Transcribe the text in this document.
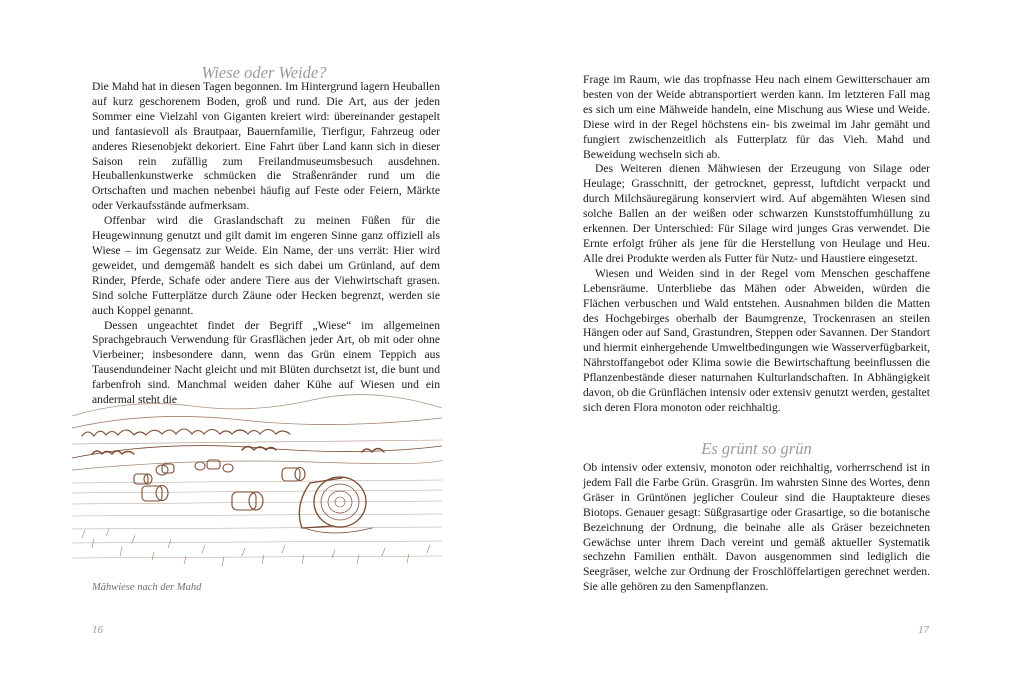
Wiese oder Weide?

Die Mahd hat in diesen Tagen begonnen. Im Hintergrund lagern Heuballen auf kurz geschorenem Boden, groß und rund. Die Art, aus der jeden Sommer eine Vielzahl von Giganten kreiert wird: übereinander gestapelt und fantasievoll als Brautpaar, Bauernfamilie, Tierfigur, Fahrzeug oder anderes Riesenobjekt dekoriert. Eine Fahrt über Land kann sich in dieser Saison rein zufällig zum Freilandmuseumsbesuch ausdehnen. Heuballenkunstwerke schmücken die Straßenränder rund um die Ortschaften und machen nebenbei häufig auf Feste oder Feiern, Märkte oder Verkaufsstände aufmerksam.

Offenbar wird die Graslandschaft zu meinen Füßen für die Heugewinnung genutzt und gilt damit im engeren Sinne ganz offiziell als Wiese – im Gegensatz zur Weide. Ein Name, der uns verrät: Hier wird geweidet, und demgemäß handelt es sich dabei um Grünland, auf dem Rinder, Pferde, Schafe oder andere Tiere aus der Viehwirtschaft grasen. Sind solche Futterplätze durch Zäune oder Hecken begrenzt, werden sie auch Koppel genannt.

Dessen ungeachtet findet der Begriff „Wiese“ im allgemeinen Sprachgebrauch Verwendung für Grasflächen jeder Art, ob mit oder ohne Vierbeiner; insbesondere dann, wenn das Grün einem Teppich aus Tausendundeiner Nacht gleicht und mit Blüten durchsetzt ist, die bunt und farbenfroh sind. Manchmal weiden daher Kühe auf Wiesen und ein andermal steht die

Mähwiese nach der Mahd

16

Frage im Raum, wie das tropfnasse Heu nach einem Gewitterschauer am besten von der Weide abtransportiert werden kann. Im letzteren Fall mag es sich um eine Mähweide handeln, eine Mischung aus Wiese und Weide. Diese wird in der Regel höchstens ein- bis zweimal im Jahr gemäht und fungiert zwischenzeitlich als Futterplatz für das Vieh. Mahd und Beweidung wechseln sich ab.

Des Weiteren dienen Mähwiesen der Erzeugung von Silage oder Heulage; Grasschnitt, der getrocknet, gepresst, luftdicht verpackt und durch Milchsäuregärung konserviert wird. Auf abgemähten Wiesen sind solche Ballen an der weißen oder schwarzen Kunststoffumhüllung zu erkennen. Der Unterschied: Für Silage wird junges Gras verwendet. Die Ernte erfolgt früher als jene für die Herstellung von Heulage und Heu. Alle drei Produkte werden als Futter für Nutz- und Haustiere eingesetzt.

Wiesen und Weiden sind in der Regel vom Menschen geschaffene Lebensräume. Unterbliebe das Mähen oder Abweiden, würden die Flächen verbuschen und Wald entstehen. Ausnahmen bilden die Matten des Hochgebirges oberhalb der Baumgrenze, Trockenrasen an steilen Hängen oder auf Sand, Grastundren, Steppen oder Savannen. Der Standort und hiermit einhergehende Umweltbedingungen wie Wasserverfügbarkeit, Nährstoffangebot oder Klima sowie die Bewirtschaftung beeinflussen die Pflanzenbestände dieser naturnahen Kulturlandschaften. In Abhängigkeit davon, ob die Grünflächen intensiv oder extensiv genutzt werden, gestaltet sich deren Flora monoton oder reichhaltig.

Es grünt so grün

Ob intensiv oder extensiv, monoton oder reichhaltig, vorherrschend ist in jedem Fall die Farbe Grün. Grasgrün. Im wahrsten Sinne des Wortes, denn Gräser in Grüntönen jeglicher Couleur sind die Hauptakteure dieses Biotops. Genauer gesagt: Süßgrasartige oder Grasartige, so die botanische Bezeichnung der Ordnung, die beinahe alle als Gräser bezeichneten Gewächse unter ihrem Dach vereint und gemäß aktueller Systematik sechzehn Familien enthält. Davon ausgenommen sind lediglich die Seegräser, welche zur Ordnung der Froschlöffelartigen gerechnet werden. Sie alle gehören zu den Samenpflanzen.

17
